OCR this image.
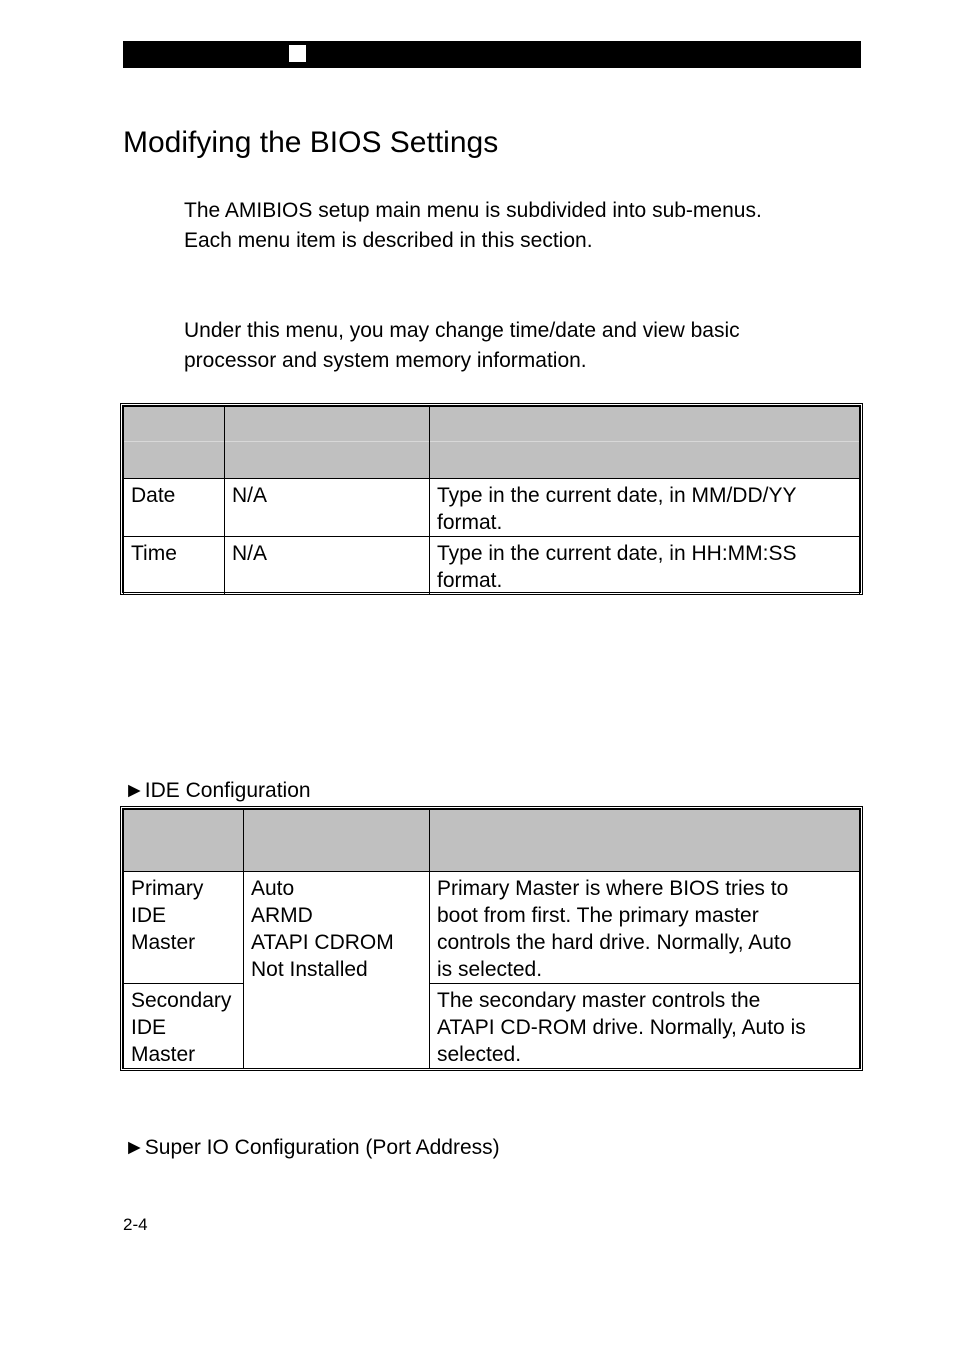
Modifying the BIOS Settings

The AMIBIOS setup main menu is subdivided into sub-menus.
Each menu item is described in this section.

Under this menu, you may change time/date and view basic
processor and system memory information.

Date	N/A	Type in the current date, in MM/DD/YY
format.

Time	N/A	Type in the current date, in HH:MM:SS
format.
►IDE Configuration

Primary
IDE
Master	Auto
ARMD
ATAPI CDROM
Not Installed	Primary Master is where BIOS tries to
boot from first. The primary master
controls the hard drive. Normally, Auto
is selected.

Secondary
IDE
Master		The secondary master controls the
ATAPI CD-ROM drive. Normally, Auto is
selected.
►Super IO Configuration (Port Address)
2-4
